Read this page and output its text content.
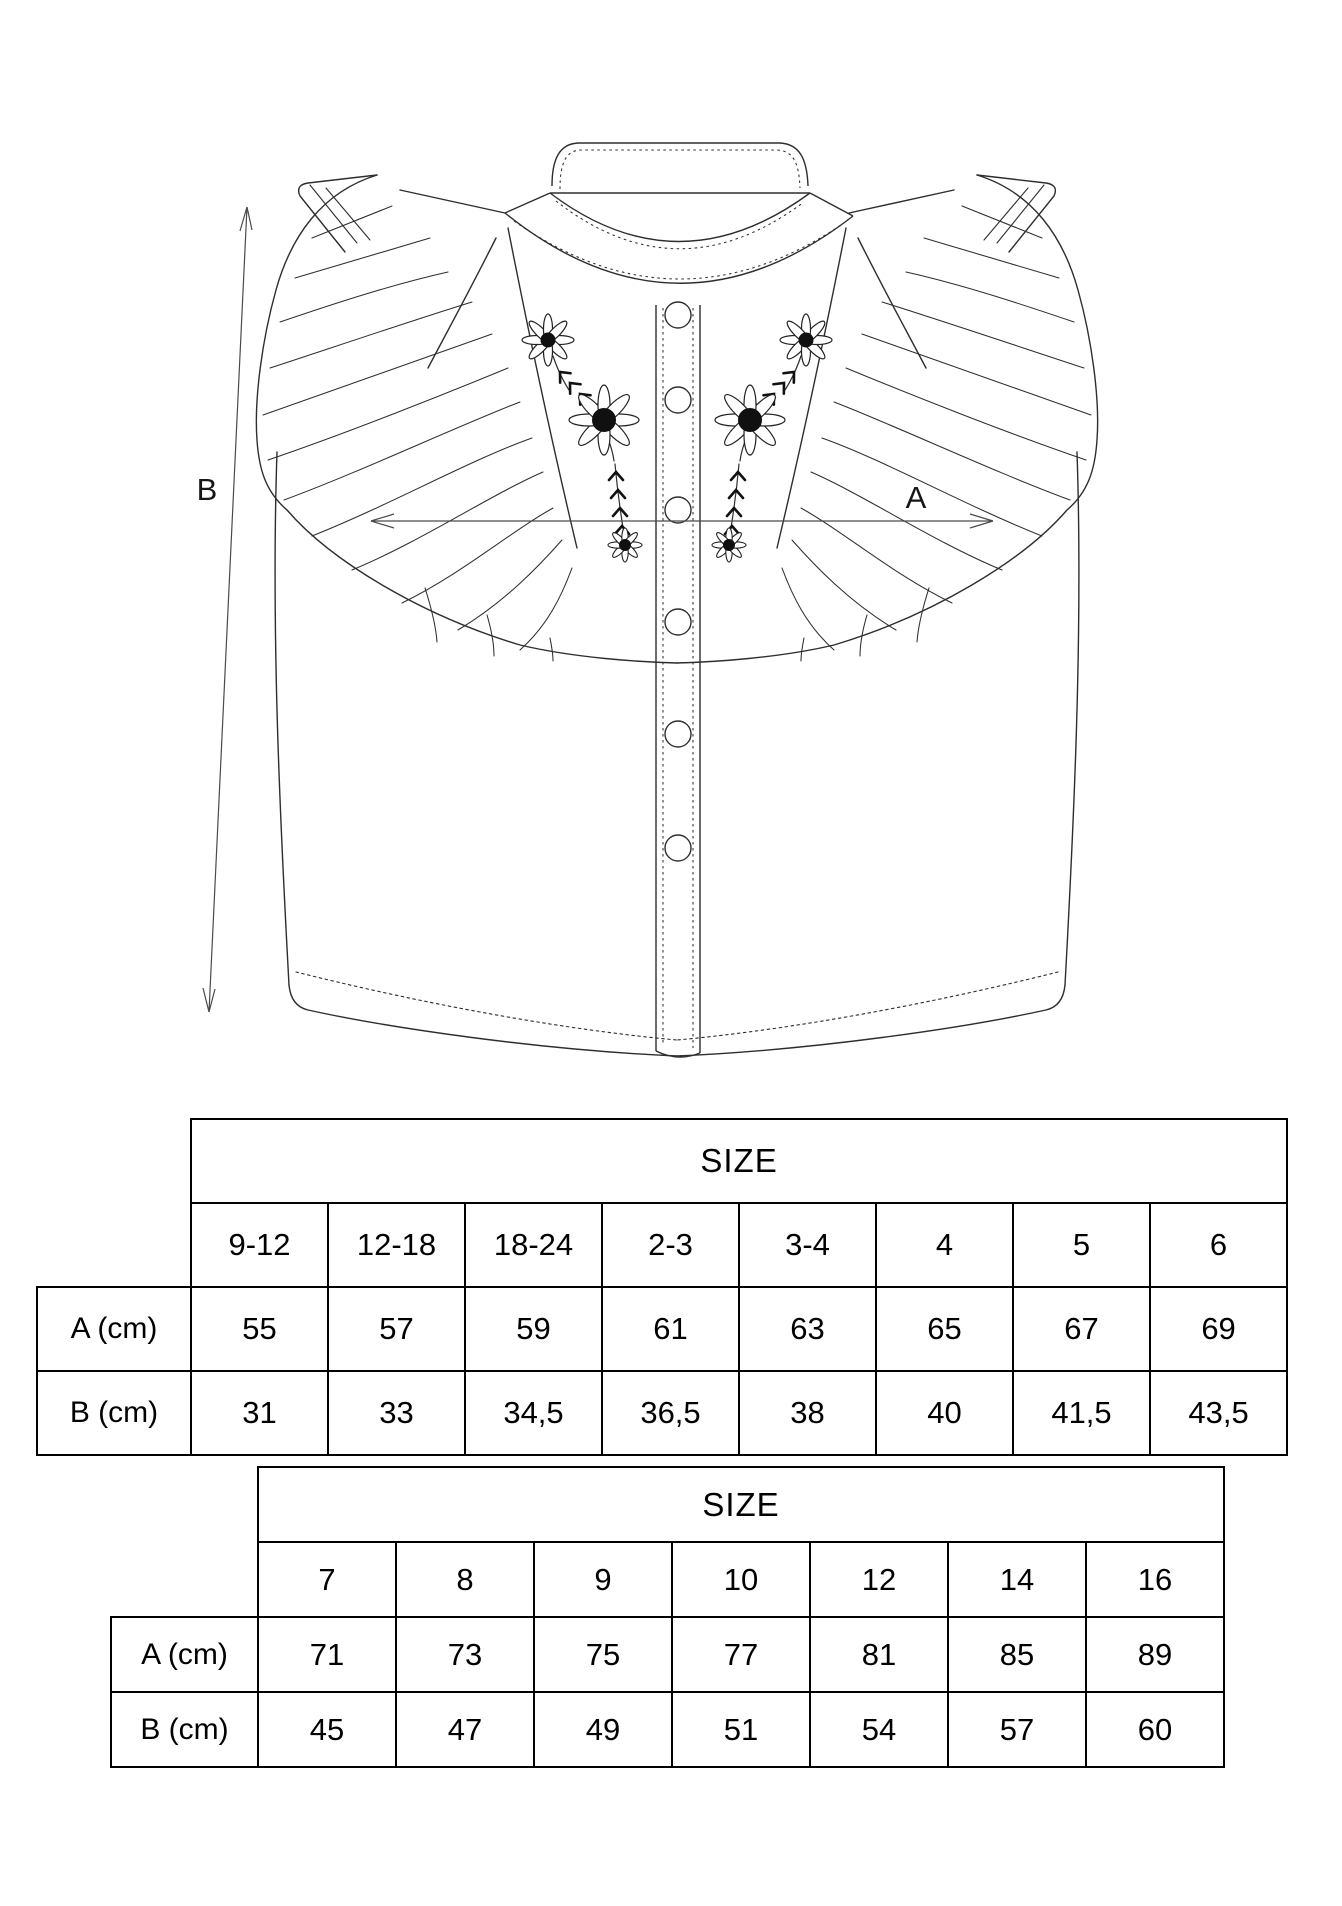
B	A
	SIZE							
	9-12	12-18	18-24	2-3	3-4	4	5	6
A (cm)	55	57	59	61	63	65	67	69
B (cm)	31	33	34,5	36,5	38	40	41,5	43,5
	SIZE						
	7	8	9	10	12	14	16
A (cm)	71	73	75	77	81	85	89
B (cm)	45	47	49	51	54	57	60
